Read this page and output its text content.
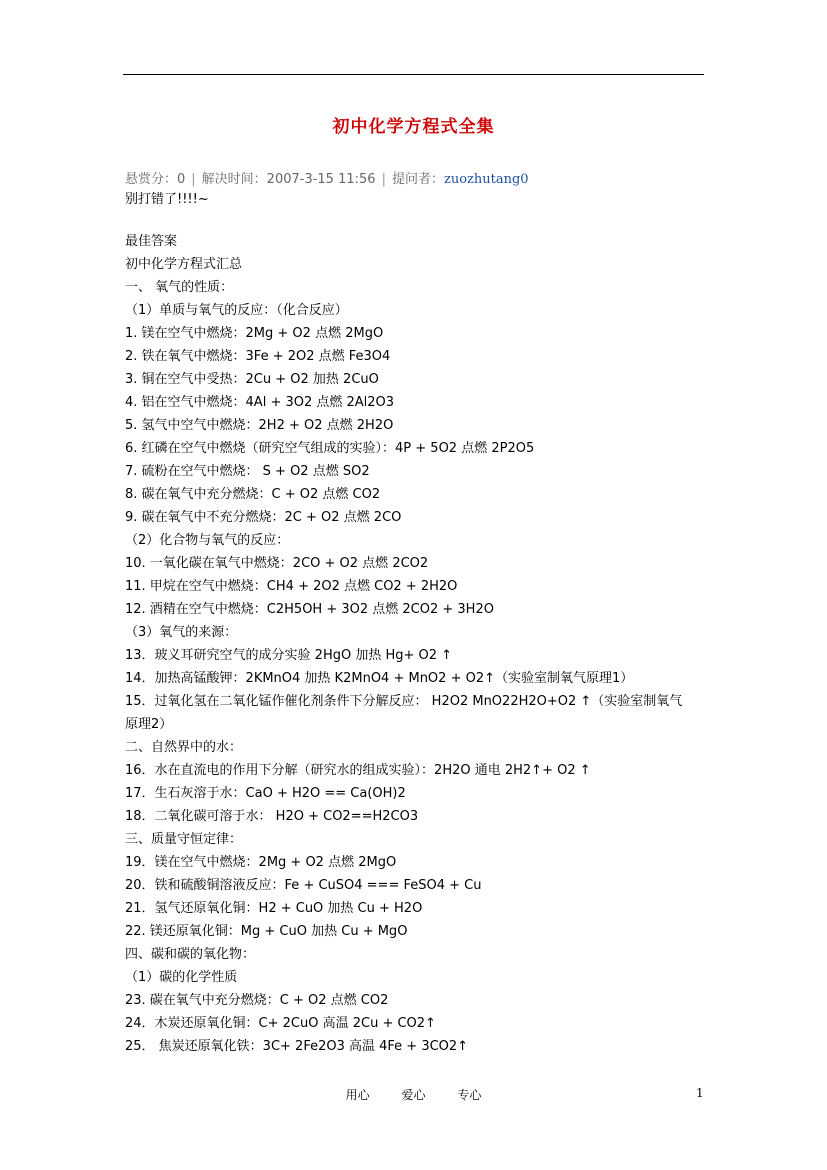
初中化学方程式全集
悬赏分：0 | 解决时间：2007-3-15 11:56 | 提问者：zuozhutang0
别打错了!!!!~
最佳答案
初中化学方程式汇总
一、 氧气的性质：
（1）单质与氧气的反应：（化合反应）
1. 镁在空气中燃烧：2Mg + O2 点燃 2MgO
2. 铁在氧气中燃烧：3Fe + 2O2 点燃 Fe3O4
3. 铜在空气中受热：2Cu + O2 加热 2CuO
4. 铝在空气中燃烧：4Al + 3O2 点燃 2Al2O3
5. 氢气中空气中燃烧：2H2 + O2 点燃 2H2O
6. 红磷在空气中燃烧（研究空气组成的实验）：4P + 5O2 点燃 2P2O5
7. 硫粉在空气中燃烧： S + O2 点燃 SO2
8. 碳在氧气中充分燃烧：C + O2 点燃 CO2
9. 碳在氧气中不充分燃烧：2C + O2 点燃 2CO
（2）化合物与氧气的反应：
10. 一氧化碳在氧气中燃烧：2CO + O2 点燃 2CO2
11. 甲烷在空气中燃烧：CH4 + 2O2 点燃 CO2 + 2H2O
12. 酒精在空气中燃烧：C2H5OH + 3O2 点燃 2CO2 + 3H2O
（3）氧气的来源：
13．玻义耳研究空气的成分实验 2HgO 加热 Hg+ O2 ↑
14．加热高锰酸钾：2KMnO4 加热 K2MnO4 + MnO2 + O2↑（实验室制氧气原理1）
15．过氧化氢在二氧化锰作催化剂条件下分解反应： H2O2 MnO22H2O+O2 ↑（实验室制氧气
原理2）
二、自然界中的水：
16．水在直流电的作用下分解（研究水的组成实验）：2H2O 通电 2H2↑+ O2 ↑
17．生石灰溶于水：CaO + H2O == Ca(OH)2
18．二氧化碳可溶于水： H2O + CO2==H2CO3
三、质量守恒定律：
19．镁在空气中燃烧：2Mg + O2 点燃 2MgO
20．铁和硫酸铜溶液反应：Fe + CuSO4 === FeSO4 + Cu
21．氢气还原氧化铜：H2 + CuO 加热 Cu + H2O
22. 镁还原氧化铜：Mg + CuO 加热 Cu + MgO
四、碳和碳的氧化物：
（1）碳的化学性质
23. 碳在氧气中充分燃烧：C + O2 点燃 CO2
24．木炭还原氧化铜：C+ 2CuO 高温 2Cu + CO2↑
25． 焦炭还原氧化铁：3C+ 2Fe2O3 高温 4Fe + 3CO2↑
用心	爱心	专心	1
